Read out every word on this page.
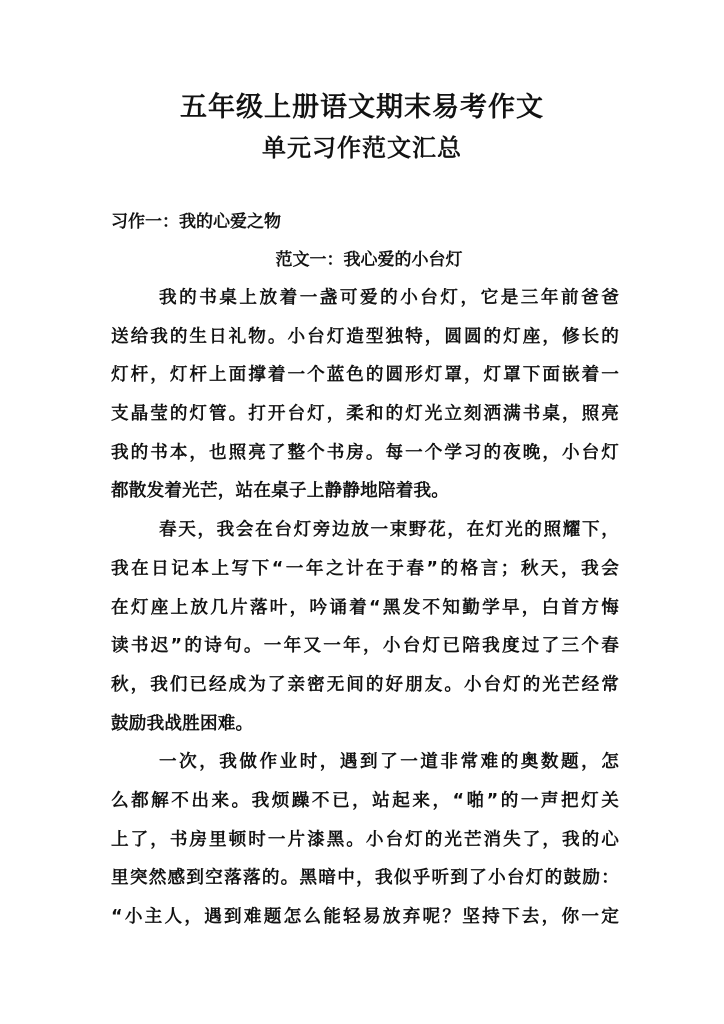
五年级上册语文期末易考作文
单元习作范文汇总
习作一：我的心爱之物
范文一：我心爱的小台灯
我的书桌上放着一盏可爱的小台灯，它是三年前爸爸
送给我的生日礼物。小台灯造型独特，圆圆的灯座，修长的
灯杆，灯杆上面撑着一个蓝色的圆形灯罩，灯罩下面嵌着一
支晶莹的灯管。打开台灯，柔和的灯光立刻洒满书桌，照亮
我的书本，也照亮了整个书房。每一个学习的夜晚，小台灯
都散发着光芒，站在桌子上静静地陪着我。
春天，我会在台灯旁边放一束野花，在灯光的照耀下，
我在日记本上写下“一年之计在于春”的格言；秋天，我会
在灯座上放几片落叶，吟诵着“黑发不知勤学早，白首方悔
读书迟”的诗句。一年又一年，小台灯已陪我度过了三个春
秋，我们已经成为了亲密无间的好朋友。小台灯的光芒经常
鼓励我战胜困难。
一次，我做作业时，遇到了一道非常难的奥数题，怎
么都解不出来。我烦躁不已，站起来，“啪”的一声把灯关
上了，书房里顿时一片漆黑。小台灯的光芒消失了，我的心
里突然感到空落落的。黑暗中，我似乎听到了小台灯的鼓励：
“小主人，遇到难题怎么能轻易放弃呢？坚持下去，你一定
